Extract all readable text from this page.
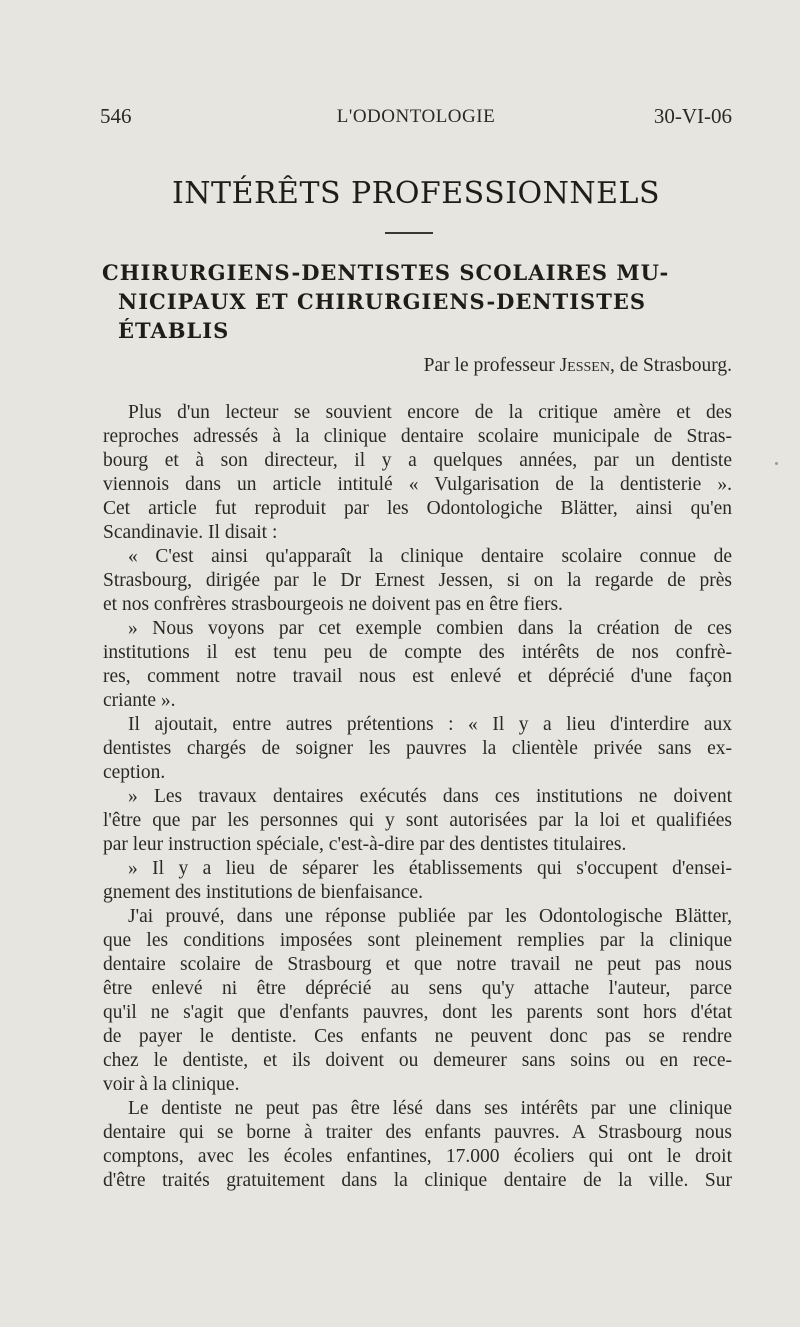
546	L'ODONTOLOGIE	30-VI-06
INTÉRÊTS PROFESSIONNELS
CHIRURGIENS-DENTISTES SCOLAIRES MU-
NICIPAUX ET CHIRURGIENS-DENTISTES
ÉTABLIS
Par le professeur Jessen, de Strasbourg.
Plus d'un lecteur se souvient encore de la critique amère et des
reproches adressés à la clinique dentaire scolaire municipale de Stras-
bourg et à son directeur, il y a quelques années, par un dentiste
viennois dans un article intitulé « Vulgarisation de la dentisterie ».
Cet article fut reproduit par les Odontologiche Blätter, ainsi qu'en
Scandinavie. Il disait :
« C'est ainsi qu'apparaît la clinique dentaire scolaire connue de
Strasbourg, dirigée par le Dr Ernest Jessen, si on la regarde de près
et nos confrères strasbourgeois ne doivent pas en être fiers.
» Nous voyons par cet exemple combien dans la création de ces
institutions il est tenu peu de compte des intérêts de nos confrè-
res, comment notre travail nous est enlevé et déprécié d'une façon
criante ».
Il ajoutait, entre autres prétentions : « Il y a lieu d'interdire aux
dentistes chargés de soigner les pauvres la clientèle privée sans ex-
ception.
» Les travaux dentaires exécutés dans ces institutions ne doivent
l'être que par les personnes qui y sont autorisées par la loi et qualifiées
par leur instruction spéciale, c'est-à-dire par des dentistes titulaires.
» Il y a lieu de séparer les établissements qui s'occupent d'ensei-
gnement des institutions de bienfaisance.
J'ai prouvé, dans une réponse publiée par les Odontologische Blätter,
que les conditions imposées sont pleinement remplies par la clinique
dentaire scolaire de Strasbourg et que notre travail ne peut pas nous
être enlevé ni être déprécié au sens qu'y attache l'auteur, parce
qu'il ne s'agit que d'enfants pauvres, dont les parents sont hors d'état
de payer le dentiste. Ces enfants ne peuvent donc pas se rendre
chez le dentiste, et ils doivent ou demeurer sans soins ou en rece-
voir à la clinique.
Le dentiste ne peut pas être lésé dans ses intérêts par une clinique
dentaire qui se borne à traiter des enfants pauvres. A Strasbourg nous
comptons, avec les écoles enfantines, 17.000 écoliers qui ont le droit
d'être traités gratuitement dans la clinique dentaire de la ville. Sur
